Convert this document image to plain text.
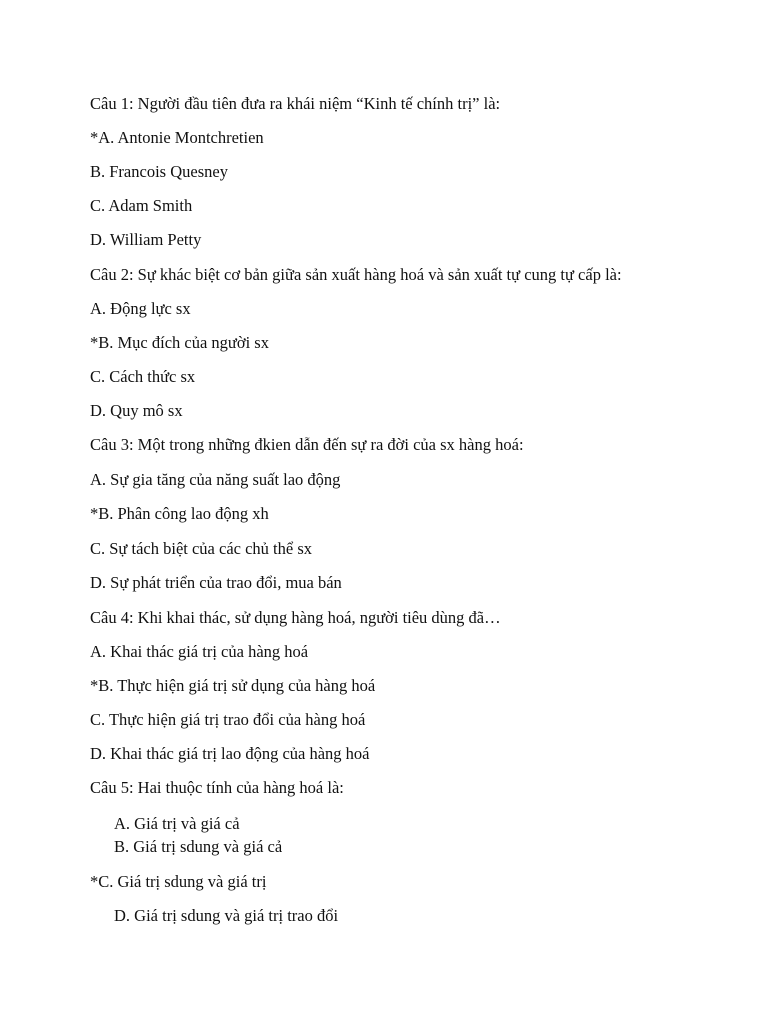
Câu 1: Người đầu tiên đưa ra khái niệm “Kinh tế chính trị” là:
*A. Antonie Montchretien
B. Francois Quesney
C. Adam Smith
D. William Petty
Câu 2: Sự khác biệt cơ bản giữa sản xuất hàng hoá và sản xuất tự cung tự cấp là:
A. Động lực sx
*B. Mục đích của người sx
C. Cách thức sx
D. Quy mô sx
Câu 3: Một trong những đkien dẫn đến sự ra đời của sx hàng hoá:
A. Sự gia tăng của năng suất lao động
*B. Phân công lao động xh
C. Sự tách biệt của các chủ thể sx
D. Sự phát triển của trao đổi, mua bán
Câu 4: Khi khai thác, sử dụng hàng hoá, người tiêu dùng đã…
A. Khai thác giá trị của hàng hoá
*B. Thực hiện giá trị sử dụng của hàng hoá
C. Thực hiện giá trị trao đổi của hàng hoá
D. Khai thác giá trị lao động của hàng hoá
Câu 5: Hai thuộc tính của hàng hoá là:
A. Giá trị và giá cả
B. Giá trị sdung và giá cả
*C. Giá trị sdung và giá trị
D. Giá trị sdung và giá trị trao đổi
